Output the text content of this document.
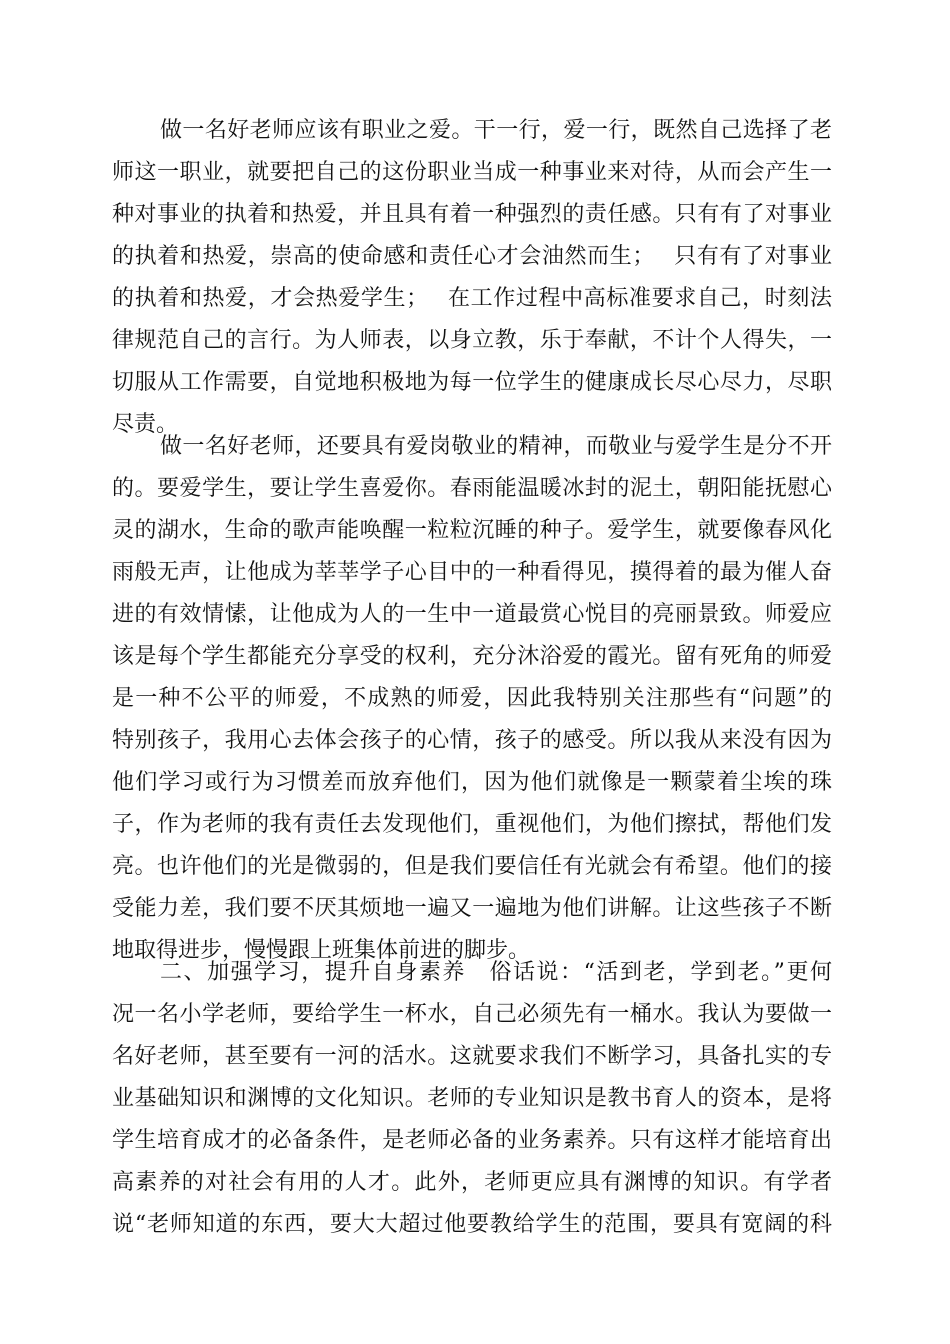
做一名好老师应该有职业之爱。干一行，爱一行，既然自己选择了老
师这一职业，就要把自己的这份职业当成一种事业来对待，从而会产生一
种对事业的执着和热爱，并且具有着一种强烈的责任感。只有有了对事业
的执着和热爱，崇高的使命感和责任心才会油然而生；　 只有有了对事业
的执着和热爱，才会热爱学生；　 在工作过程中高标准要求自己，时刻法
律规范自己的言行。为人师表，以身立教，乐于奉献，不计个人得失，一
切服从工作需要，自觉地积极地为每一位学生的健康成长尽心尽力，尽职
尽责。
做一名好老师，还要具有爱岗敬业的精神，而敬业与爱学生是分不开
的。要爱学生，要让学生喜爱你。春雨能温暖冰封的泥土，朝阳能抚慰心
灵的湖水，生命的歌声能唤醒一粒粒沉睡的种子。爱学生，就要像春风化
雨般无声，让他成为莘莘学子心目中的一种看得见，摸得着的最为催人奋
进的有效情愫，让他成为人的一生中一道最赏心悦目的亮丽景致。师爱应
该是每个学生都能充分享受的权利，充分沐浴爱的霞光。留有死角的师爱
是一种不公平的师爱，不成熟的师爱，因此我特别关注那些有“问题”的
特别孩子，我用心去体会孩子的心情，孩子的感受。所以我从来没有因为
他们学习或行为习惯差而放弃他们，因为他们就像是一颗蒙着尘埃的珠
子，作为老师的我有责任去发现他们，重视他们，为他们擦拭，帮他们发
亮。也许他们的光是微弱的，但是我们要信任有光就会有希望。他们的接
受能力差，我们要不厌其烦地一遍又一遍地为他们讲解。让这些孩子不断
地取得进步，慢慢跟上班集体前进的脚步。
二、加强学习，提升自身素养　俗话说：“活到老，学到老。”更何
况一名小学老师，要给学生一杯水，自己必须先有一桶水。我认为要做一
名好老师，甚至要有一河的活水。这就要求我们不断学习，具备扎实的专
业基础知识和渊博的文化知识。老师的专业知识是教书育人的资本，是将
学生培育成才的必备条件，是老师必备的业务素养。只有这样才能培育出
高素养的对社会有用的人才。此外，老师更应具有渊博的知识。有学者
说“老师知道的东西，要大大超过他要教给学生的范围，要具有宽阔的科
